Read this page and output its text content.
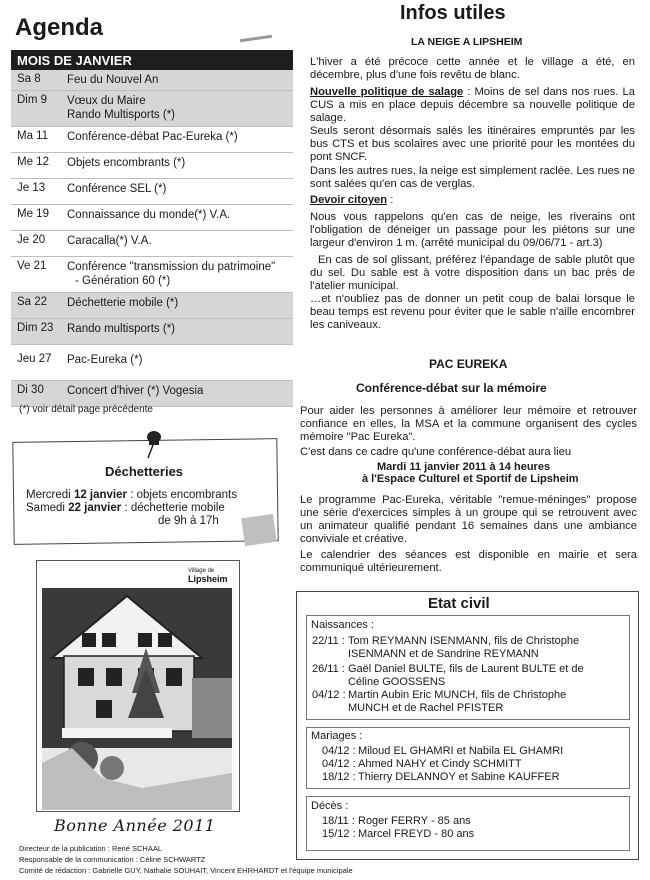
Agenda
MOIS DE JANVIER	
Sa 8	Feu du Nouvel An
Dim 9	Vœux du Maire
Rando Multisports (*)

Ma 11	Conférence-débat Pac-Eureka (*)
Me 12	Objets encombrants (*)
Je 13	Conférence SEL (*)
Me 19	Connaissance du monde(*) V.A.
Je 20	Caracalla(*) V.A.
Ve 21	Conférence "transmission du patrimoine"
- Génération 60 (*)

Sa 22	Déchetterie mobile (*)
Dim 23	Rando multisports (*)
Jeu 27	Pac-Eureka (*)
Di 30	Concert d'hiver (*) Vogesia
(*) voir détail page précédente
Déchetteries
Mercredi 12 janvier : objets encombrants
Samedi 22 janvier : déchetterie mobile
de 9h à 17h
Village de
Lipsheim
Bonne Année 2011
Directeur de la publication : René SCHAAL
Responsable de la communication : Céline SCHWARTZ
Comité de rédaction : Gabrielle GUY, Nathalie SOUHAIT, Vincent EHRHARDT et l'équipe municipale
Infos utiles
LA NEIGE A LIPSHEIM
L'hiver a été précoce cette année et le village a été, en décembre, plus d'une fois revêtu de blanc.
Nouvelle politique de salage : Moins de sel dans nos rues. La CUS a mis en place depuis décembre sa nouvelle politique de salage.
Seuls seront désormais salés les itinéraires empruntés par les bus CTS et bus scolaires avec une priorité pour les montées du pont SNCF.
Dans les autres rues, la neige est simplement raclée. Les rues ne sont salées qu'en cas de verglas.
Devoir citoyen :
Nous vous rappelons qu'en cas de neige, les riverains ont l'obligation de déneiger un passage pour les piétons sur une largeur d'environ 1 m. (arrêté municipal du 09/06/71 - art.3)
En cas de sol glissant, préférez l'épandage de sable plutôt que du sel. Du sable est à votre disposition dans un bac près de l'atelier municipal.
…et n'oubliez pas de donner un petit coup de balai lorsque le beau temps est revenu pour éviter que le sable n'aille encombrer les caniveaux.
PAC EUREKA
Conférence-débat sur la mémoire
Pour aider les personnes à améliorer leur mémoire et retrouver confiance en elles, la MSA et la commune organisent des cycles mémoire "Pac Eureka".
C'est dans ce cadre qu'une conférence-débat aura lieu
Mardi 11 janvier 2011 à 14 heures
à l'Espace Culturel et Sportif de Lipsheim
Le programme Pac-Eureka, véritable "remue-méninges" propose une série d'exercices simples à un groupe qui se retrouvent avec un animateur qualifié pendant 16 semaines dans une ambiance conviviale et créative.
Le calendrier des séances est disponible en mairie et sera communiqué ultérieurement.
Etat civil
Naissances :
22/11 : Tom REYMANN ISENMANN, fils de Christophe
ISENMANN et de Sandrine REYMANN
26/11 : Gaël Daniel BULTE, fils de Laurent BULTE et de
Céline GOOSSENS
04/12 : Martin Aubin Eric MUNCH, fils de Christophe
MUNCH et de Rachel PFISTER
Mariages :
04/12 : Miloud EL GHAMRI et Nabila EL GHAMRI
04/12 : Ahmed NAHY et Cindy SCHMITT
18/12 : Thierry DELANNOY et Sabine KAUFFER
Décès :
18/11 : Roger FERRY - 85 ans
15/12 : Marcel FREYD - 80 ans
